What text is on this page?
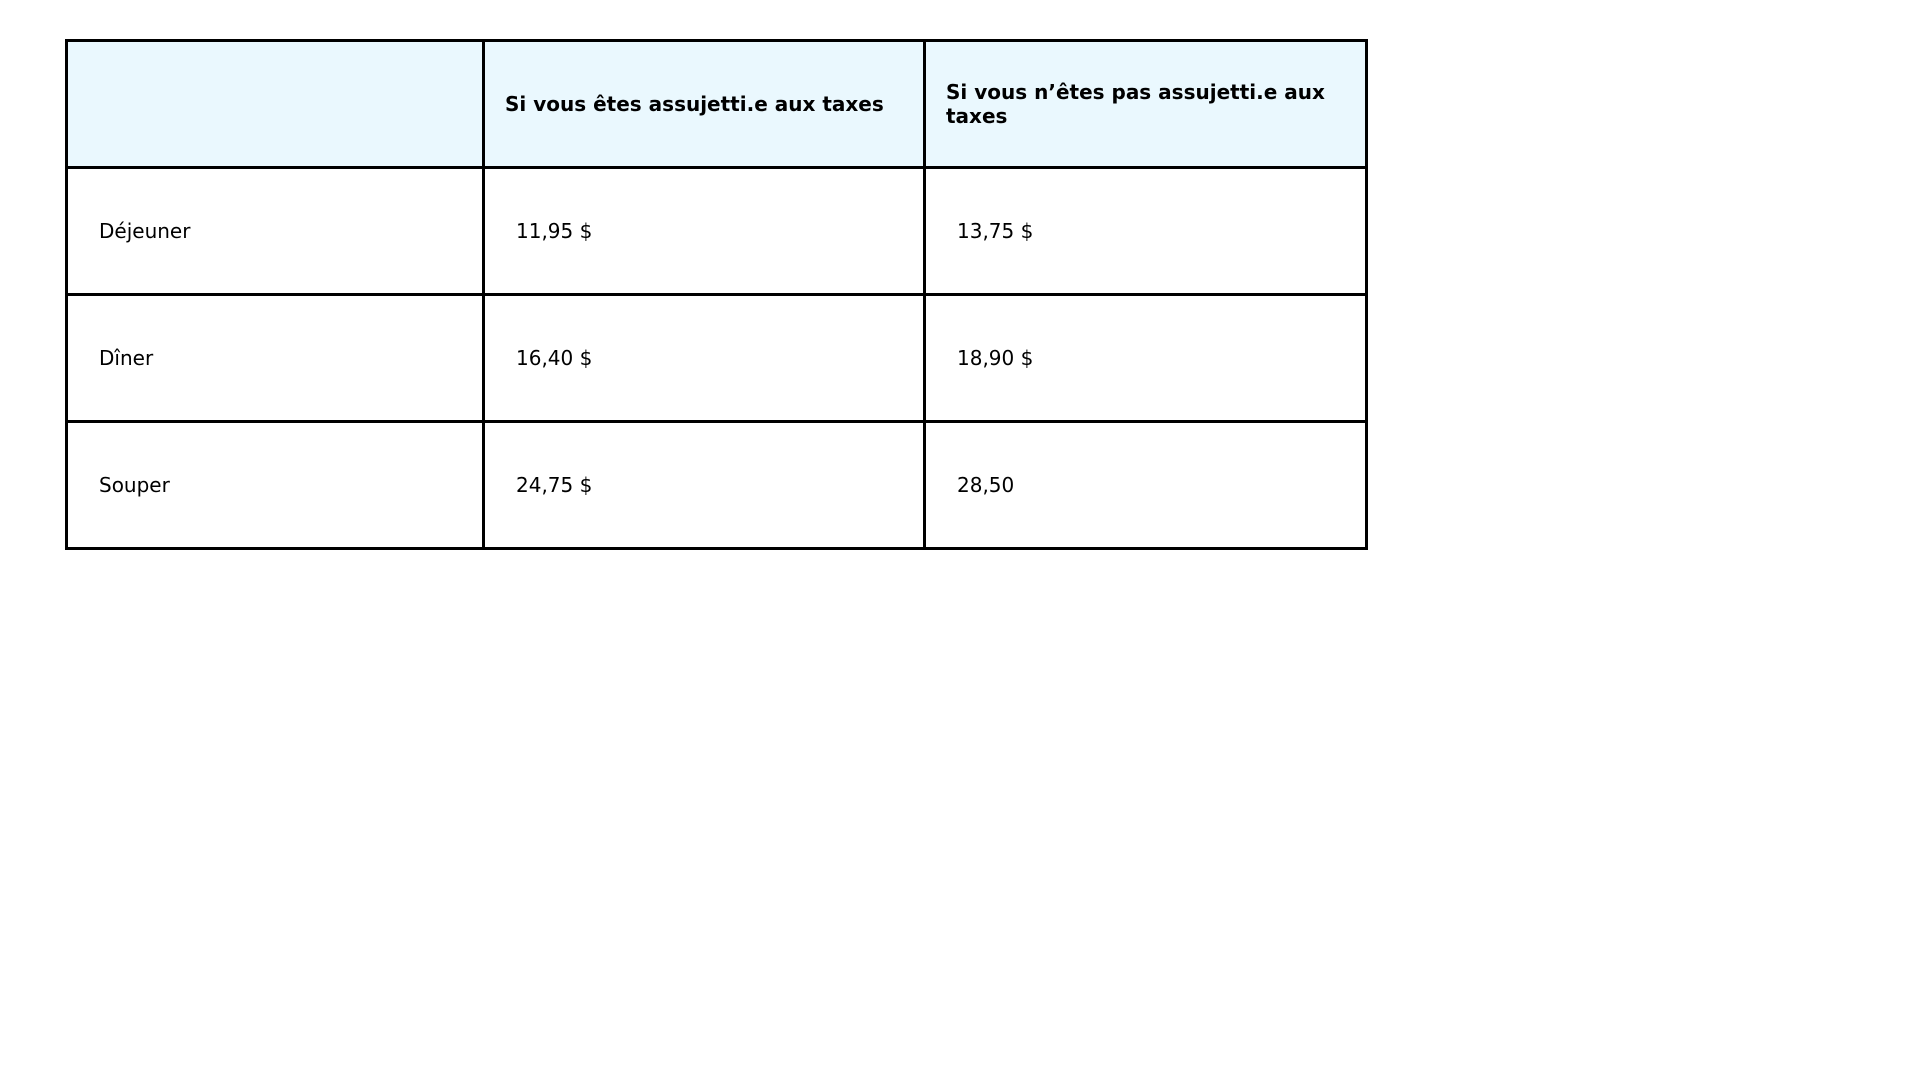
	Si vous êtes assujetti.e aux taxes	Si vous n’êtes pas assujetti.e aux taxes
Déjeuner	11,95 $	13,75 $
Dîner	16,40 $	18,90 $
Souper	24,75 $	28,50
